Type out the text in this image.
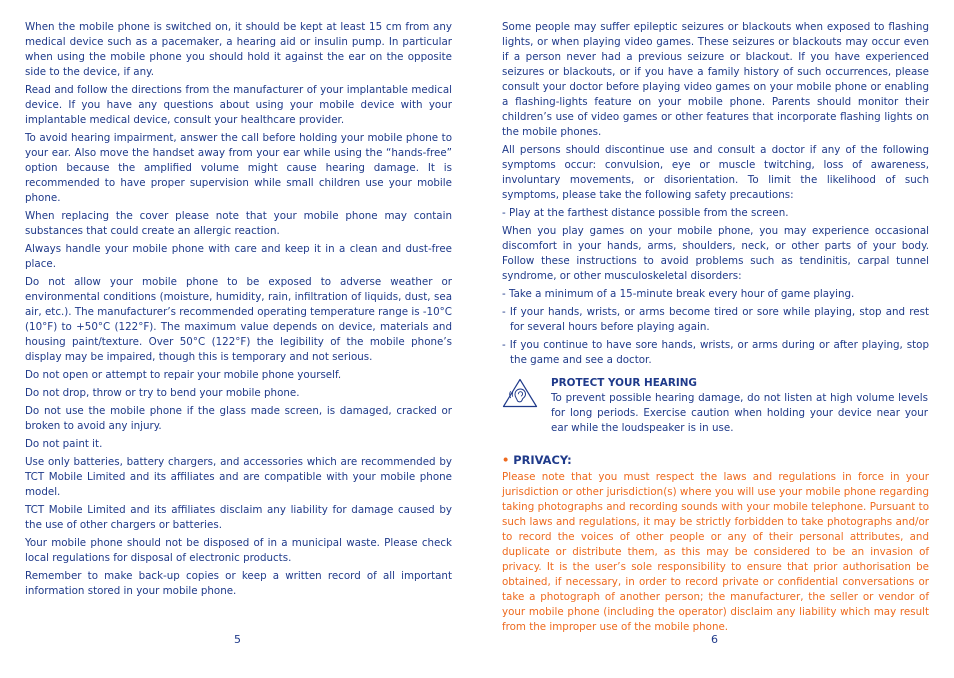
When the mobile phone is switched on, it should be kept at least 15 cm from any medical device such as a pacemaker, a hearing aid or insulin pump. In particular when using the mobile phone you should hold it against the ear on the opposite side to the device, if any.

Read and follow the directions from the manufacturer of your implantable medical device. If you have any questions about using your mobile device with your implantable medical device, consult your healthcare provider.

To avoid hearing impairment, answer the call before holding your mobile phone to your ear. Also move the handset away from your ear while using the “hands-free” option because the amplified volume might cause hearing damage. It is recommended to have proper supervision while small children use your mobile phone.

When replacing the cover please note that your mobile phone may contain substances that could create an allergic reaction.

Always handle your mobile phone with care and keep it in a clean and dust-free place.

Do not allow your mobile phone to be exposed to adverse weather or environmental conditions (moisture, humidity, rain, infiltration of liquids, dust, sea air, etc.). The manufacturer’s recommended operating temperature range is -10°C (10°F) to +50°C (122°F). The maximum value depends on device, materials and housing paint/texture. Over 50°C (122°F) the legibility of the mobile phone’s display may be impaired, though this is temporary and not serious.

Do not open or attempt to repair your mobile phone yourself.

Do not drop, throw or try to bend your mobile phone.

Do not use the mobile phone if the glass made screen, is damaged, cracked or broken to avoid any injury.

Do not paint it.

Use only batteries, battery chargers, and accessories which are recommended by TCT Mobile Limited and its affiliates and are compatible with your mobile phone model.

TCT Mobile Limited and its affiliates disclaim any liability for damage caused by the use of other chargers or batteries.

Your mobile phone should not be disposed of in a municipal waste. Please check local regulations for disposal of electronic products.

Remember to make back-up copies or keep a written record of all important information stored in your mobile phone.

Some people may suffer epileptic seizures or blackouts when exposed to flashing lights, or when playing video games. These seizures or blackouts may occur even if a person never had a previous seizure or blackout. If you have experienced seizures or blackouts, or if you have a family history of such occurrences, please consult your doctor before playing video games on your mobile phone or enabling a flashing-lights feature on your mobile phone. Parents should monitor their children’s use of video games or other features that incorporate flashing lights on the mobile phones.

All persons should discontinue use and consult a doctor if any of the following symptoms occur: convulsion, eye or muscle twitching, loss of awareness, involuntary movements, or disorientation. To limit the likelihood of such symptoms, please take the following safety precautions:

- Play at the farthest distance possible from the screen.

When you play games on your mobile phone, you may experience occasional discomfort in your hands, arms, shoulders, neck, or other parts of your body. Follow these instructions to avoid problems such as tendinitis, carpal tunnel syndrome, or other musculoskeletal disorders:

- Take a minimum of a 15-minute break every hour of game playing.

- If your hands, wrists, or arms become tired or sore while playing, stop and rest for several hours before playing again.

- If you continue to have sore hands, wrists, or arms during or after playing, stop the game and see a doctor.

PROTECT YOUR HEARING
To prevent possible hearing damage, do not listen at high volume levels for long periods. Exercise caution when holding your device near your ear while the loudspeaker is in use.
• PRIVACY:

Please note that you must respect the laws and regulations in force in your jurisdiction or other jurisdiction(s) where you will use your mobile phone regarding taking photographs and recording sounds with your mobile telephone. Pursuant to such laws and regulations, it may be strictly forbidden to take photographs and/or to record the voices of other people or any of their personal attributes, and duplicate or distribute them, as this may be considered to be an invasion of privacy. It is the user’s sole responsibility to ensure that prior authorisation be obtained, if necessary, in order to record private or confidential conversations or take a photograph of another person; the manufacturer, the seller or vendor of your mobile phone (including the operator) disclaim any liability which may result from the improper use of the mobile phone.

5	6
